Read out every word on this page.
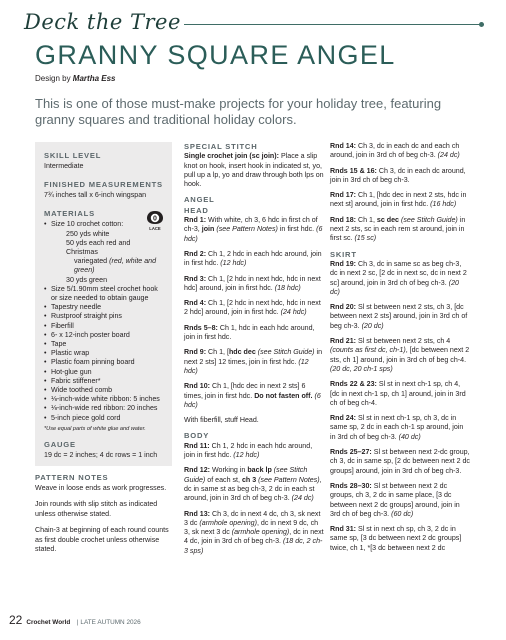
Deck the Tree
GRANNY SQUARE ANGEL
Design by Martha Ess

This is one of those must-make projects for your holiday tree, featuring granny squares and traditional holiday colors.

SKILL LEVEL
Intermediate
FINISHED MEASUREMENTS
7¾ inches tall x 6-inch wingspan
MATERIALS
• Size 10 crochet cotton:
250 yds white
50 yds each red and Christmas
variegated (red, white and green)
30 yds green
• Size 5/1.90mm steel crochet hook or size needed to obtain gauge
• Tapestry needle
• Rustproof straight pins
• Fiberfill
• 6- x 12-inch poster board
• Tape
• Plastic wrap
• Plastic foam pinning board
• Hot-glue gun
• Fabric stiffener*
• Wide toothed comb
• ⅛-inch-wide white ribbon: 5 inches
• ⅛-inch-wide red ribbon: 20 inches
• 5-inch piece gold cord
*Use equal parts of white glue and water.
GAUGE
19 dc = 2 inches; 4 dc rows = 1 inch
0
LACE
PATTERN NOTES

Weave in loose ends as work progresses.

Join rounds with slip stitch as indicated unless otherwise stated.

Chain-3 at beginning of each round counts as first double crochet unless otherwise stated.

SPECIAL STITCH

Single crochet join (sc join): Place a slip knot on hook, insert hook in indicated st, yo, pull up a lp, yo and draw through both lps on hook.

ANGEL
HEAD

Rnd 1: With white, ch 3, 6 hdc in first ch of ch-3, join (see Pattern Notes) in first hdc. (6 hdc)

Rnd 2: Ch 1, 2 hdc in each hdc around, join in first hdc. (12 hdc)

Rnd 3: Ch 1, [2 hdc in next hdc, hdc in next hdc] around, join in first hdc. (18 hdc)

Rnd 4: Ch 1, [2 hdc in next hdc, hdc in next 2 hdc] around, join in first hdc. (24 hdc)

Rnds 5–8: Ch 1, hdc in each hdc around, join in first hdc.

Rnd 9: Ch 1, [hdc dec (see Stitch Guide) in next 2 sts] 12 times, join in first hdc. (12 hdc)

Rnd 10: Ch 1, [hdc dec in next 2 sts] 6 times, join in first hdc. Do not fasten off. (6 hdc)

With fiberfill, stuff Head.

BODY

Rnd 11: Ch 1, 2 hdc in each hdc around, join in first hdc. (12 hdc)

Rnd 12: Working in back lp (see Stitch Guide) of each st, ch 3 (see Pattern Notes), dc in same st as beg ch-3, 2 dc in each st around, join in 3rd ch of beg ch-3. (24 dc)

Rnd 13: Ch 3, dc in next 4 dc, ch 3, sk next 3 dc (armhole opening), dc in next 9 dc, ch 3, sk next 3 dc (armhole opening), dc in next 4 dc, join in 3rd ch of beg ch-3. (18 dc, 2 ch-3 sps)

Rnd 14: Ch 3, dc in each dc and each ch around, join in 3rd ch of beg ch-3. (24 dc)

Rnds 15 & 16: Ch 3, dc in each dc around, join in 3rd ch of beg ch-3.

Rnd 17: Ch 1, [hdc dec in next 2 sts, hdc in next st] around, join in first hdc. (16 hdc)

Rnd 18: Ch 1, sc dec (see Stitch Guide) in next 2 sts, sc in each rem st around, join in first sc. (15 sc)

SKIRT

Rnd 19: Ch 3, dc in same sc as beg ch-3, dc in next 2 sc, [2 dc in next sc, dc in next 2 sc] around, join in 3rd ch of beg ch-3. (20 dc)

Rnd 20: Sl st between next 2 sts, ch 3, [dc between next 2 sts] around, join in 3rd ch of beg ch-3. (20 dc)

Rnd 21: Sl st between next 2 sts, ch 4 (counts as first dc, ch-1), [dc between next 2 sts, ch 1] around, join in 3rd ch of beg ch-4. (20 dc, 20 ch-1 sps)

Rnds 22 & 23: Sl st in next ch-1 sp, ch 4, [dc in next ch-1 sp, ch 1] around, join in 3rd ch of beg ch-4.

Rnd 24: Sl st in next ch-1 sp, ch 3, dc in same sp, 2 dc in each ch-1 sp around, join in 3rd ch of beg ch-3. (40 dc)

Rnds 25–27: Sl st between next 2-dc group, ch 3, dc in same sp, [2 dc between next 2 dc groups] around, join in 3rd ch of beg ch-3.

Rnds 28–30: Sl st between next 2 dc groups, ch 3, 2 dc in same place, [3 dc between next 2 dc groups] around, join in 3rd ch of beg ch-3. (60 dc)

Rnd 31: Sl st in next ch sp, ch 3, 2 dc in same sp, [3 dc between next 2 dc groups] twice, ch 1, *[3 dc between next 2 dc

22 Crochet World | LATE AUTUMN 2026
